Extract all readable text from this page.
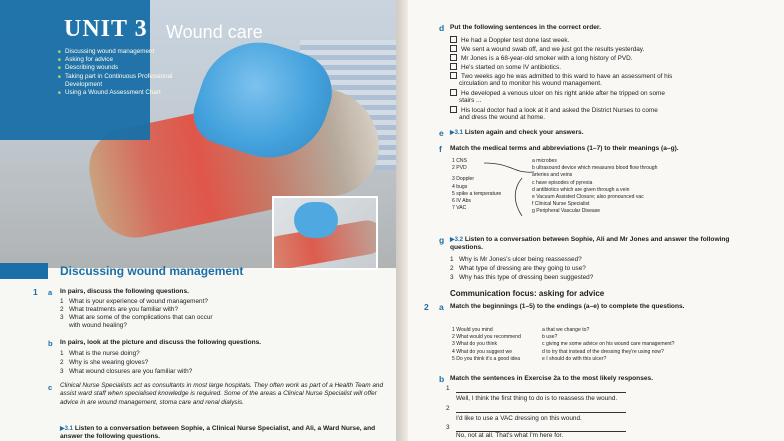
UNIT 3 Wound care
■ Discussing wound management
■ Asking for advice
■ Describing wounds
■ Taking part in Continuous Professional Development
■ Using a Wound Assessment Chart
Discussing wound management
1 a In pairs, discuss the following questions.
1 What is your experience of wound management?
2 What treatments are you familiar with?
3 What are some of the complications that can occur
with wound healing?
b In pairs, look at the picture and discuss the following questions.
1 What is the nurse doing?
2 Why is she wearing gloves?
3 What wound closures are you familiar with?
c Clinical Nurse Specialists act as consultants in most large hospitals. They often work as part of a Health Team and assist ward staff when specialised knowledge is required. Some of the areas a Clinical Nurse Specialist will offer advice in are wound management, stoma care and renal dialysis.
▶3.1 Listen to a conversation between Sophie, a Clinical Nurse Specialist, and Ali, a Ward Nurse, and answer the following questions.
d Put the following sentences in the correct order.
He had a Doppler test done last week.
We sent a wound swab off, and we just got the results yesterday.
Mr Jones is a 68-year-old smoker with a long history of PVD.
He's started on some IV antibiotics.
Two weeks ago he was admitted to this ward to have an assessment of his
circulation and to monitor his wound management.
He developed a venous ulcer on his right ankle after he tripped on some
stairs ...
His local doctor had a look at it and asked the District Nurses to come
and dress the wound at home.
e ▶3.1 Listen again and check your answers.
f Match the medical terms and abbreviations (1–7) to their meanings (a–g).
1 CNS
2 PVD
3 Doppler
4 bugs
5 spike a temperature
6 IV Abs
7 VAC
a microbes
b ultrasound device which measures blood flow through
arteries and veins
c have episodes of pyrexia
d antibiotics which are given through a vein
e Vacuum Assisted Closure; also pronounced vac
f Clinical Nurse Specialist
g Peripheral Vascular Disease
g ▶3.2 Listen to a conversation between Sophie, Ali and Mr Jones and answer the following questions.
1 Why is Mr Jones's ulcer being reassessed?
2 What type of dressing are they going to use?
3 Why has this type of dressing been suggested?
Communication focus: asking for advice
2 a Match the beginnings (1–5) to the endings (a–e) to complete the questions.
1 Would you mind
2 What would you recommend
3 What do you think
4 What do you suggest we
5 Do you think it's a good idea
a that we change to?
b use?
c giving me some advice on his wound care management?
d to try that instead of the dressing they're using now?
e I should do with this ulcer?
b Match the sentences in Exercise 2a to the most likely responses.
1
Well, I think the first thing to do is to reassess the wound.
2
I'd like to use a VAC dressing on this wound.
3
No, not at all. That's what I'm here for.
